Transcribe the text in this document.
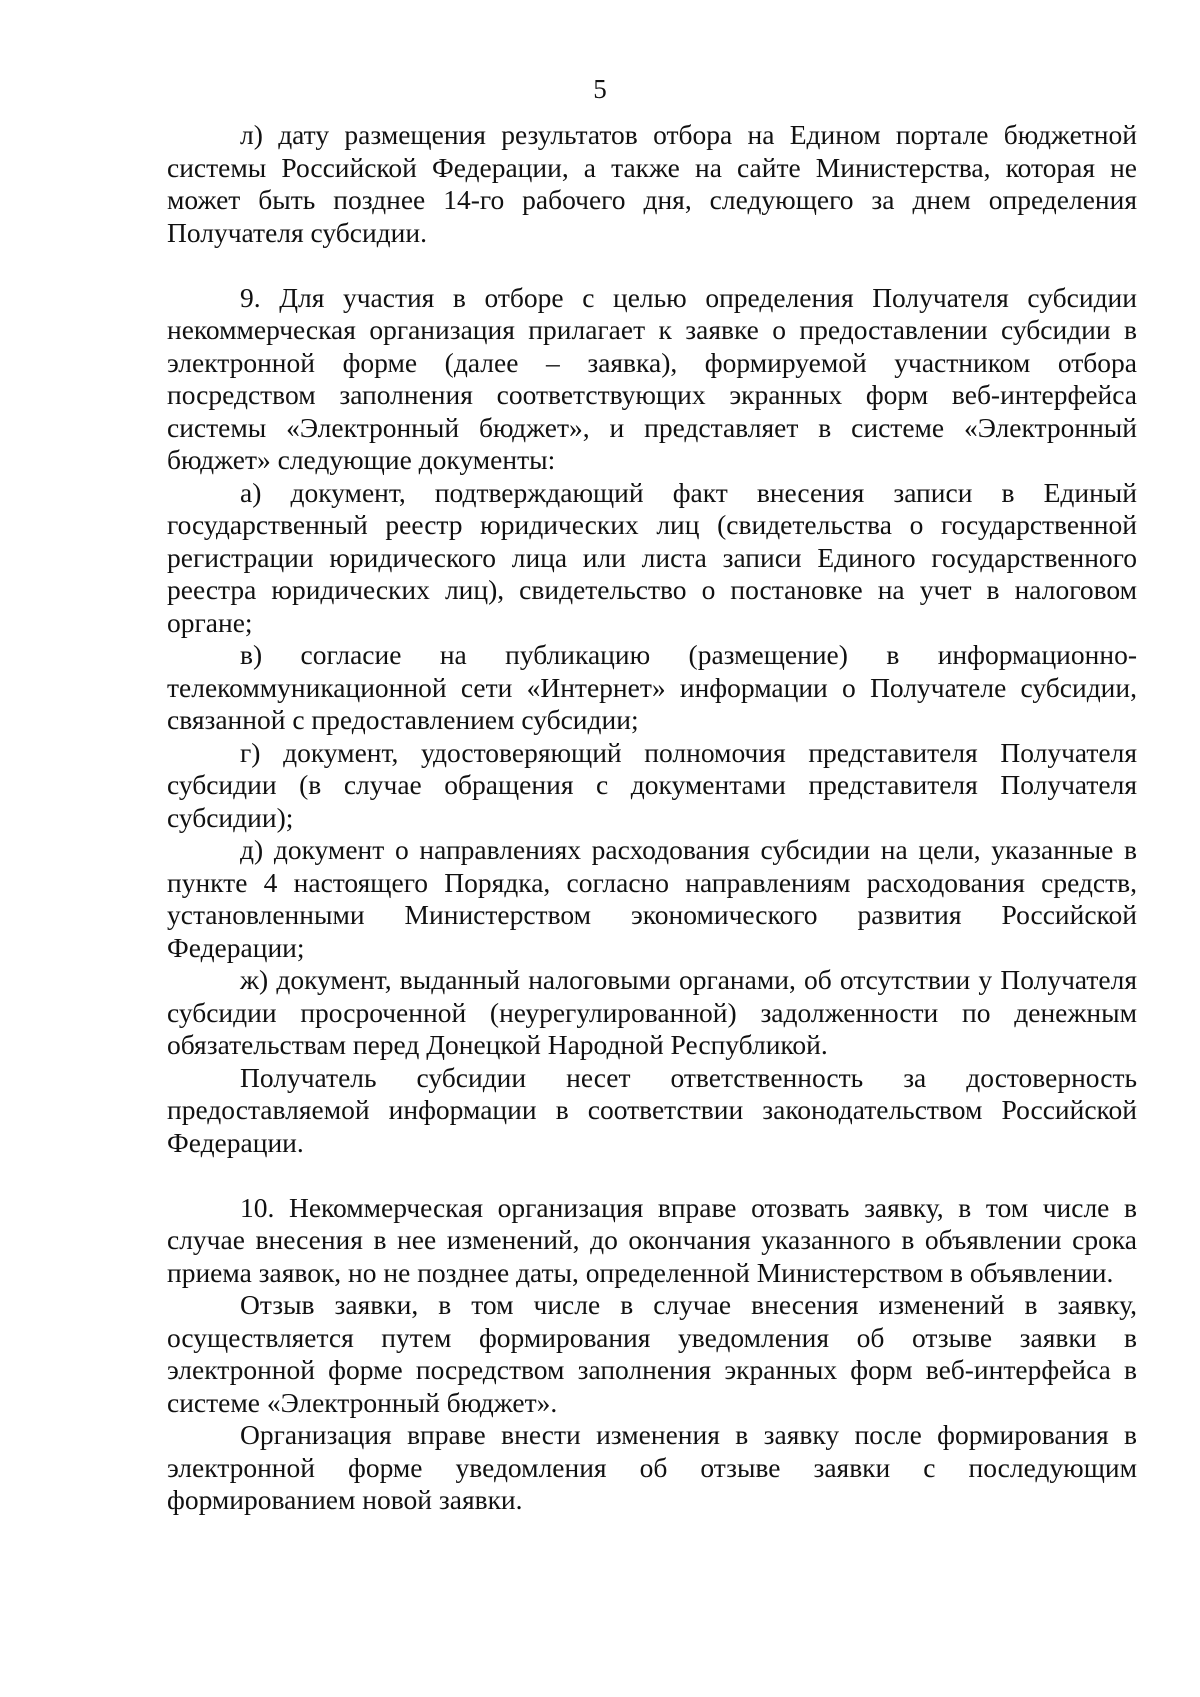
5

л) дату размещения результатов отбора на Едином портале бюджетной системы Российской Федерации, а также на сайте Министерства, которая не может быть позднее 14-го рабочего дня, следующего за днем определения Получателя субсидии.

9. Для участия в отборе с целью определения Получателя субсидии некоммерческая организация прилагает к заявке о предоставлении субсидии в электронной форме (далее – заявка), формируемой участником отбора посредством заполнения соответствующих экранных форм веб-интерфейса системы «Электронный бюджет», и представляет в системе «Электронный бюджет» следующие документы:

а) документ, подтверждающий факт внесения записи в Единый государственный реестр юридических лиц (свидетельства о государственной регистрации юридического лица или листа записи Единого государственного реестра юридических лиц), свидетельство о постановке на учет в налоговом органе;

в) согласие на публикацию (размещение) в информационно-телекоммуникационной сети «Интернет» информации о Получателе субсидии, связанной с предоставлением субсидии;

г) документ, удостоверяющий полномочия представителя Получателя субсидии (в случае обращения с документами представителя Получателя субсидии);

д) документ о направлениях расходования субсидии на цели, указанные в пункте 4 настоящего Порядка, согласно направлениям расходования средств, установленными Министерством экономического развития Российской Федерации;

ж) документ, выданный налоговыми органами, об отсутствии у Получателя субсидии просроченной (неурегулированной) задолженности по денежным обязательствам перед Донецкой Народной Республикой.

Получатель субсидии несет ответственность за достоверность предоставляемой информации в соответствии законодательством Российской Федерации.

10. Некоммерческая организация вправе отозвать заявку, в том числе в случае внесения в нее изменений, до окончания указанного в объявлении срока приема заявок, но не позднее даты, определенной Министерством в объявлении.

Отзыв заявки, в том числе в случае внесения изменений в заявку, осуществляется путем формирования уведомления об отзыве заявки в электронной форме посредством заполнения экранных форм веб-интерфейса в системе «Электронный бюджет».

Организация вправе внести изменения в заявку после формирования в электронной форме уведомления об отзыве заявки с последующим формированием новой заявки.
